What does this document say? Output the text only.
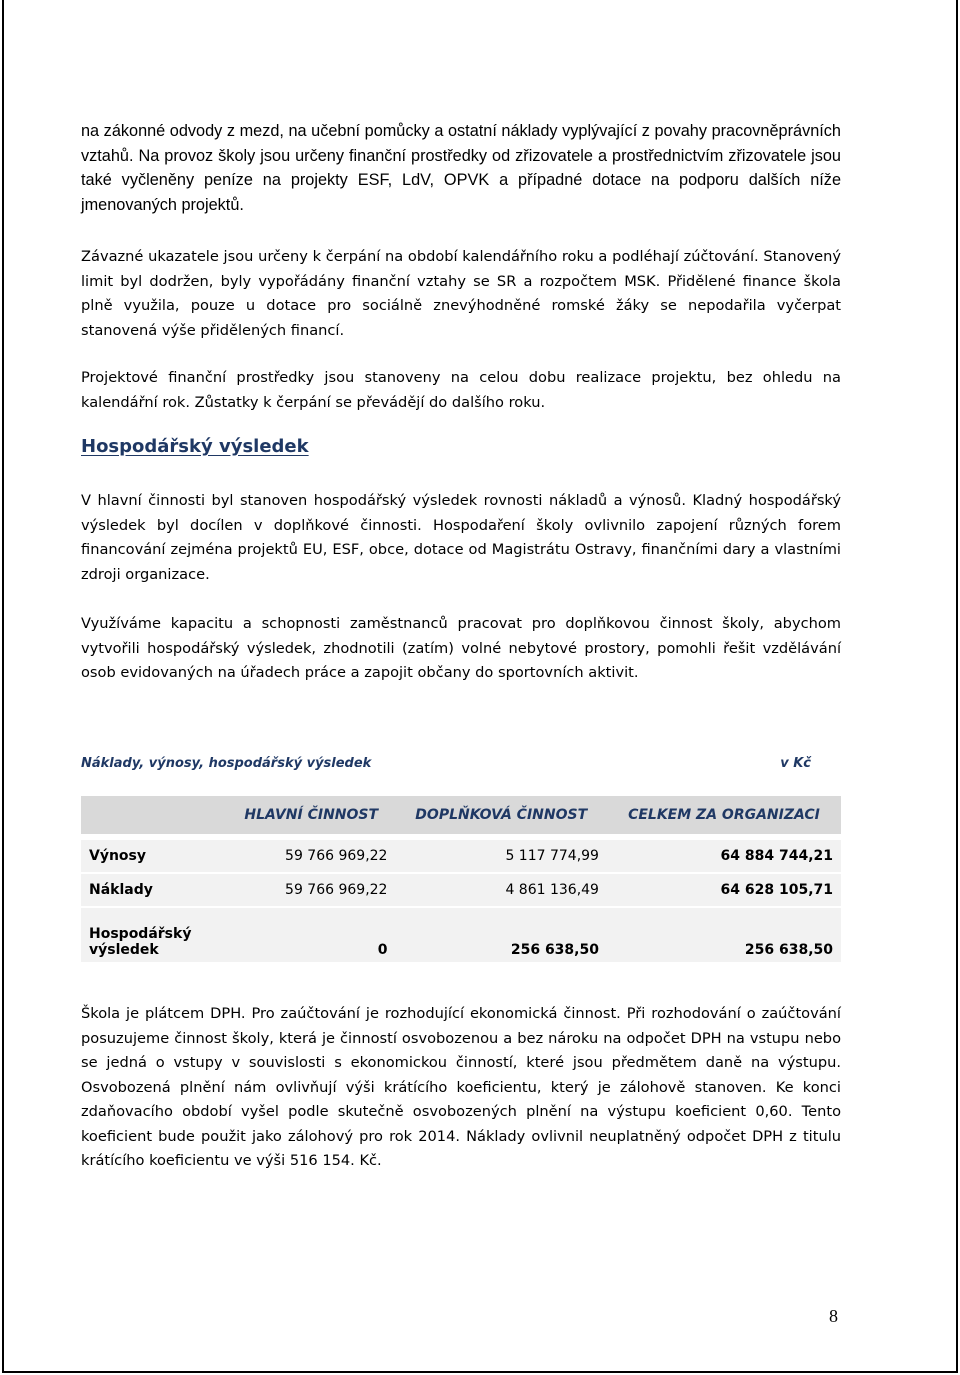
na zákonné odvody z mezd, na učební pomůcky a ostatní náklady vyplývající z povahy pracovněprávních vztahů. Na provoz školy jsou určeny finanční prostředky od zřizovatele a prostřednictvím zřizovatele jsou také vyčleněny peníze na projekty ESF, LdV, OPVK a případné dotace na podporu dalších níže jmenovaných projektů.

Závazné ukazatele jsou určeny k čerpání na období kalendářního roku a podléhají zúčtování. Stanovený limit byl dodržen, byly vypořádány finanční vztahy se SR a rozpočtem MSK. Přidělené finance škola plně využila, pouze u dotace pro sociálně znevýhodněné romské žáky se nepodařila vyčerpat stanovená výše přidělených financí.

Projektové finanční prostředky jsou stanoveny na celou dobu realizace projektu, bez ohledu na kalendářní rok. Zůstatky k čerpání se převádějí do dalšího roku.

Hospodářský výsledek

V hlavní činnosti byl stanoven hospodářský výsledek rovnosti nákladů a výnosů. Kladný hospodářský výsledek byl docílen v doplňkové činnosti. Hospodaření školy ovlivnilo zapojení různých forem financování zejména projektů EU, ESF, obce, dotace od Magistrátu Ostravy, finančními dary a vlastními zdroji organizace.

Využíváme kapacitu a schopnosti zaměstnanců pracovat pro doplňkovou činnost školy, abychom vytvořili hospodářský výsledek, zhodnotili (zatím) volné nebytové prostory, pomohli řešit vzdělávání osob evidovaných na úřadech práce a zapojit občany do sportovních aktivit.

Náklady, výnosy, hospodářský výsledek	v Kč
	HLAVNÍ ČINNOST	DOPLŇKOVÁ ČINNOST	CELKEM ZA ORGANIZACI

Výnosy	59 766 969,22	5 117 774,99	64 884 744,21

Náklady	59 766 969,22	4 861 136,49	64 628 105,71

Hospodářský výsledek	0	256 638,50	256 638,50

Škola je plátcem DPH. Pro zaúčtování je rozhodující ekonomická činnost. Při rozhodování o zaúčtování posuzujeme činnost školy, která je činností osvobozenou a bez nároku na odpočet DPH na vstupu nebo se jedná o vstupy v souvislosti s ekonomickou činností, které jsou předmětem daně na výstupu. Osvobozená plnění nám ovlivňují výši krátícího koeficientu, který je zálohově stanoven. Ke konci zdaňovacího období vyšel podle skutečně osvobozených plnění na výstupu koeficient 0,60. Tento koeficient bude použit jako zálohový pro rok 2014. Náklady ovlivnil neuplatněný odpočet DPH z titulu krátícího koeficientu ve výši 516 154. Kč.

8
